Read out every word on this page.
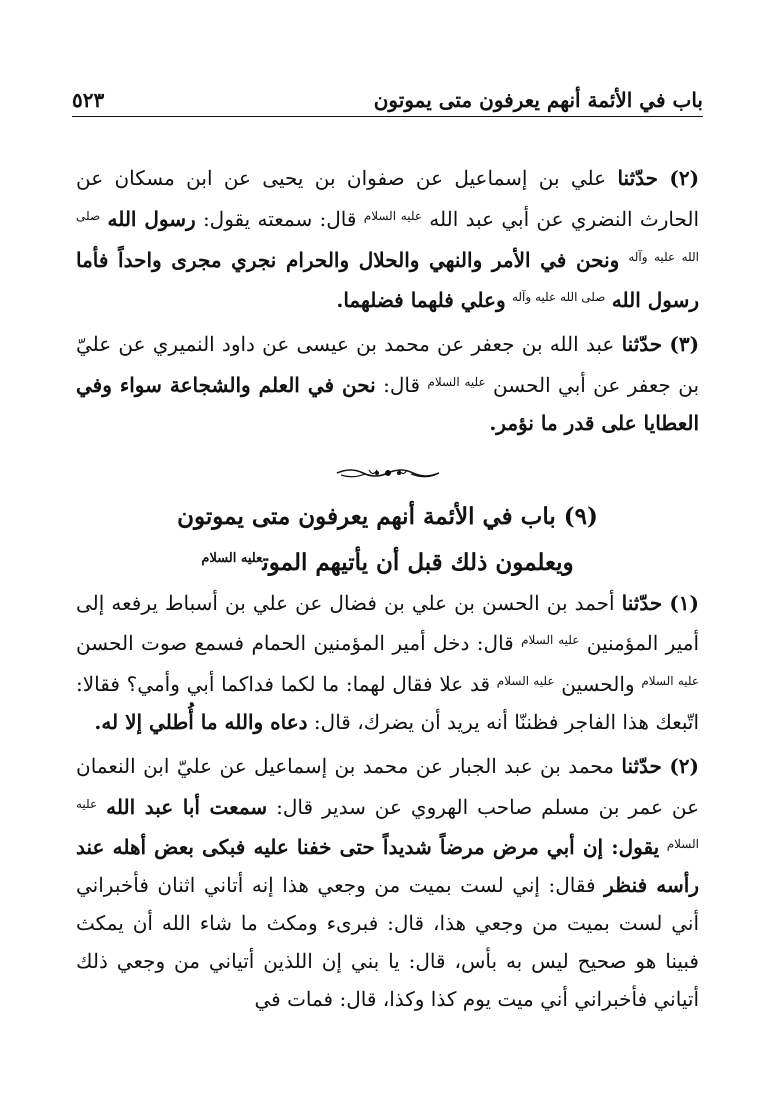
باب في الأئمة أنهم يعرفون متى يموتون
٥٢٣

(٢) حدّثنا علي بن إسماعيل عن صفوان بن يحيى عن ابن مسكان عن الحارث النضري عن أبي عبد الله $^{عليه السلام}$ قال: سمعته يقول: رسول الله $^{صلى الله عليه وآله}$ ونحن في الأمر والنهي والحلال والحرام نجري مجرى واحداً فأما رسول الله $^{صلى الله عليه وآله}$ وعلي فلهما فضلهما.

(٣) حدّثنا عبد الله بن جعفر عن محمد بن عيسى عن داود النميري عن عليّ بن جعفر عن أبي الحسن $^{عليه السلام}$ قال: نحن في العلم والشجاعة سواء وفي العطايا على قدر ما نؤمر.

(٩) باب في الأئمة أنهم يعرفون متى يموتون
ويعلمون ذلك قبل أن يأتيهم الموت$^{عليه السلام}$

(١) حدّثنا أحمد بن الحسن بن علي بن فضال عن علي بن أسباط يرفعه إلى أمير المؤمنين $^{عليه السلام}$ قال: دخل أمير المؤمنين الحمام فسمع صوت الحسن $^{عليه السلام}$ والحسين $^{عليه السلام}$ قد علا فقال لهما: ما لكما فداكما أبي وأمي؟ فقالا: اتّبعك هذا الفاجر فظننّا أنه يريد أن يضرك، قال: دعاه والله ما أُطلي إلا له.

(٢) حدّثنا محمد بن عبد الجبار عن محمد بن إسماعيل عن عليّ ابن النعمان عن عمر بن مسلم صاحب الهروي عن سدير قال: سمعت أبا عبد الله $^{عليه السلام}$ يقول: إن أبي مرض مرضاً شديداً حتى خفنا عليه فبكى بعض أهله عند رأسه فنظر فقال: إني لست بميت من وجعي هذا إنه أتاني اثنان فأخبراني أني لست بميت من وجعي هذا، قال: فبرىء ومكث ما شاء الله أن يمكث فبينا هو صحيح ليس به بأس، قال: يا بني إن اللذين أتياني من وجعي ذلك أتياني فأخبراني أني ميت يوم كذا وكذا، قال: فمات في
